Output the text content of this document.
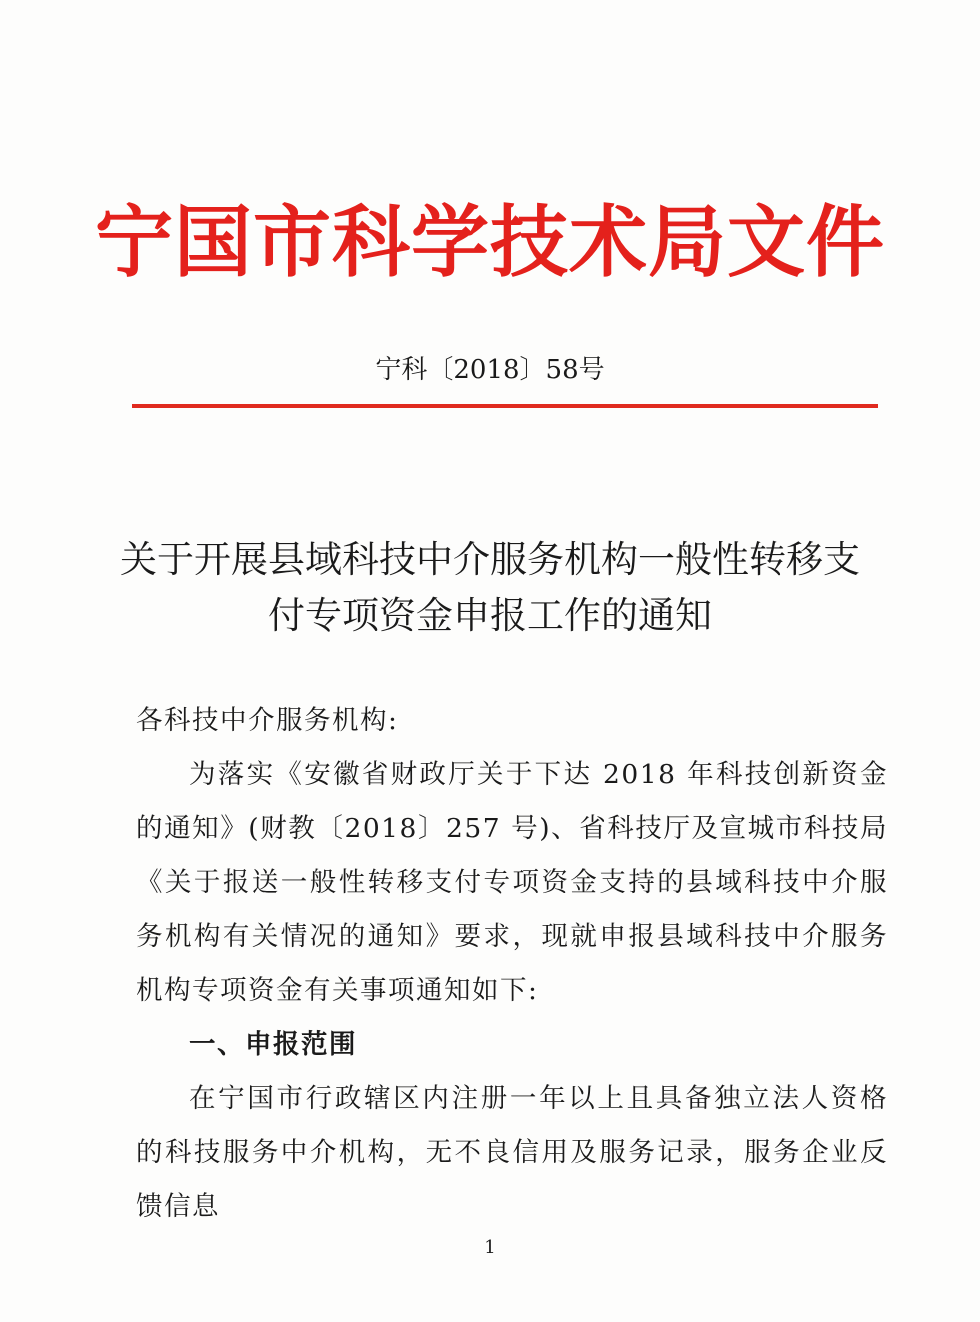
宁国市科学技术局文件
宁科〔2018〕58号
关于开展县域科技中介服务机构一般性转移支
付专项资金申报工作的通知

各科技中介服务机构:

为落实《安徽省财政厅关于下达 2018 年科技创新资金的通知》(财教〔2018〕257 号)、省科技厅及宣城市科技局《关于报送一般性转移支付专项资金支持的县域科技中介服务机构有关情况的通知》要求，现就申报县域科技中介服务机构专项资金有关事项通知如下:

一、申报范围

在宁国市行政辖区内注册一年以上且具备独立法人资格的科技服务中介机构，无不良信用及服务记录，服务企业反馈信息

1
